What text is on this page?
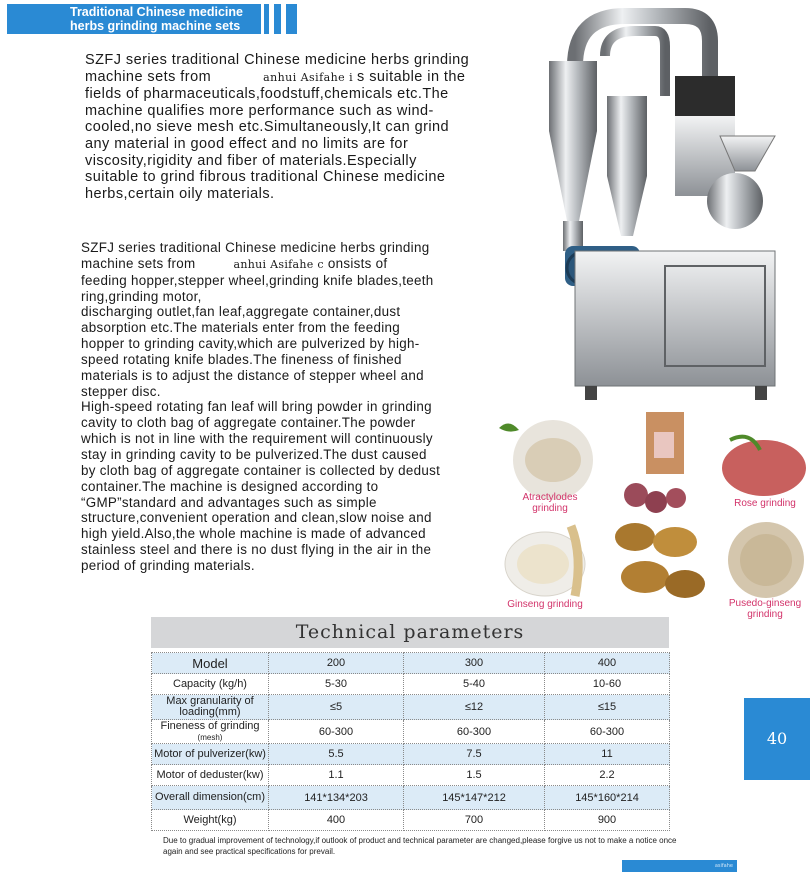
Traditional Chinese medicine
herbs grinding machine sets
SZFJ series traditional Chinese medicine herbs grinding
machine sets from	anhui Asifahe i s suitable in the
fields of pharmaceuticals,foodstuff,chemicals etc.The
machine qualifies more performance such as wind-
cooled,no sieve mesh etc.Simultaneously,It can grind
any material in good effect and no limits are for
viscosity,rigidity and fiber of materials.Especially
suitable to grind fibrous traditional Chinese medicine
herbs,certain oily materials.
SZFJ series traditional Chinese medicine herbs grinding
machine sets from	anhui Asifahe c onsists of
feeding hopper,stepper wheel,grinding knife blades,teeth
ring,grinding motor,
discharging outlet,fan leaf,aggregate container,dust
absorption etc.The materials enter from the feeding
hopper to grinding cavity,which are pulverized by high-
speed rotating knife blades.The fineness of finished
materials is to adjust the distance of stepper wheel and
stepper disc.
High-speed rotating fan leaf will bring powder in grinding
cavity to cloth bag of aggregate container.The powder
which is not in line with the requirement will continuously
stay in grinding cavity to be pulverized.The dust caused
by cloth bag of aggregate container is collected by dedust
container.The machine is designed according to
“GMP”standard and advantages such as simple
structure,convenient operation and clean,slow noise and
high yield.Also,the whole machine is made of advanced
stainless steel and there is no dust flying in the air in the
period of grinding materials.
Atractylodes
grinding	Rose grinding
Ginseng grinding	Pusedo-ginseng
grinding
Technical parameters
Model	200	300	400

Capacity (kg/h)	5-30	5-40	10-60

Max granularity of
loading(mm)	≤5	≤12	≤15

Fineness of grinding
(mesh)	60-300	60-300	60-300

Motor of pulverizer(kw)	5.5	7.5	11

Motor of deduster(kw)	1.1	1.5	2.2

Overall dimension(cm)	141*134*203	145*147*212	145*160*214

Weight(kg)	400	700	900
Due to gradual improvement of technology,if outlook of product and technical parameter are changed,please forgive us not to make a notice once again and see practical specifications for prevail.
40
asifahe
